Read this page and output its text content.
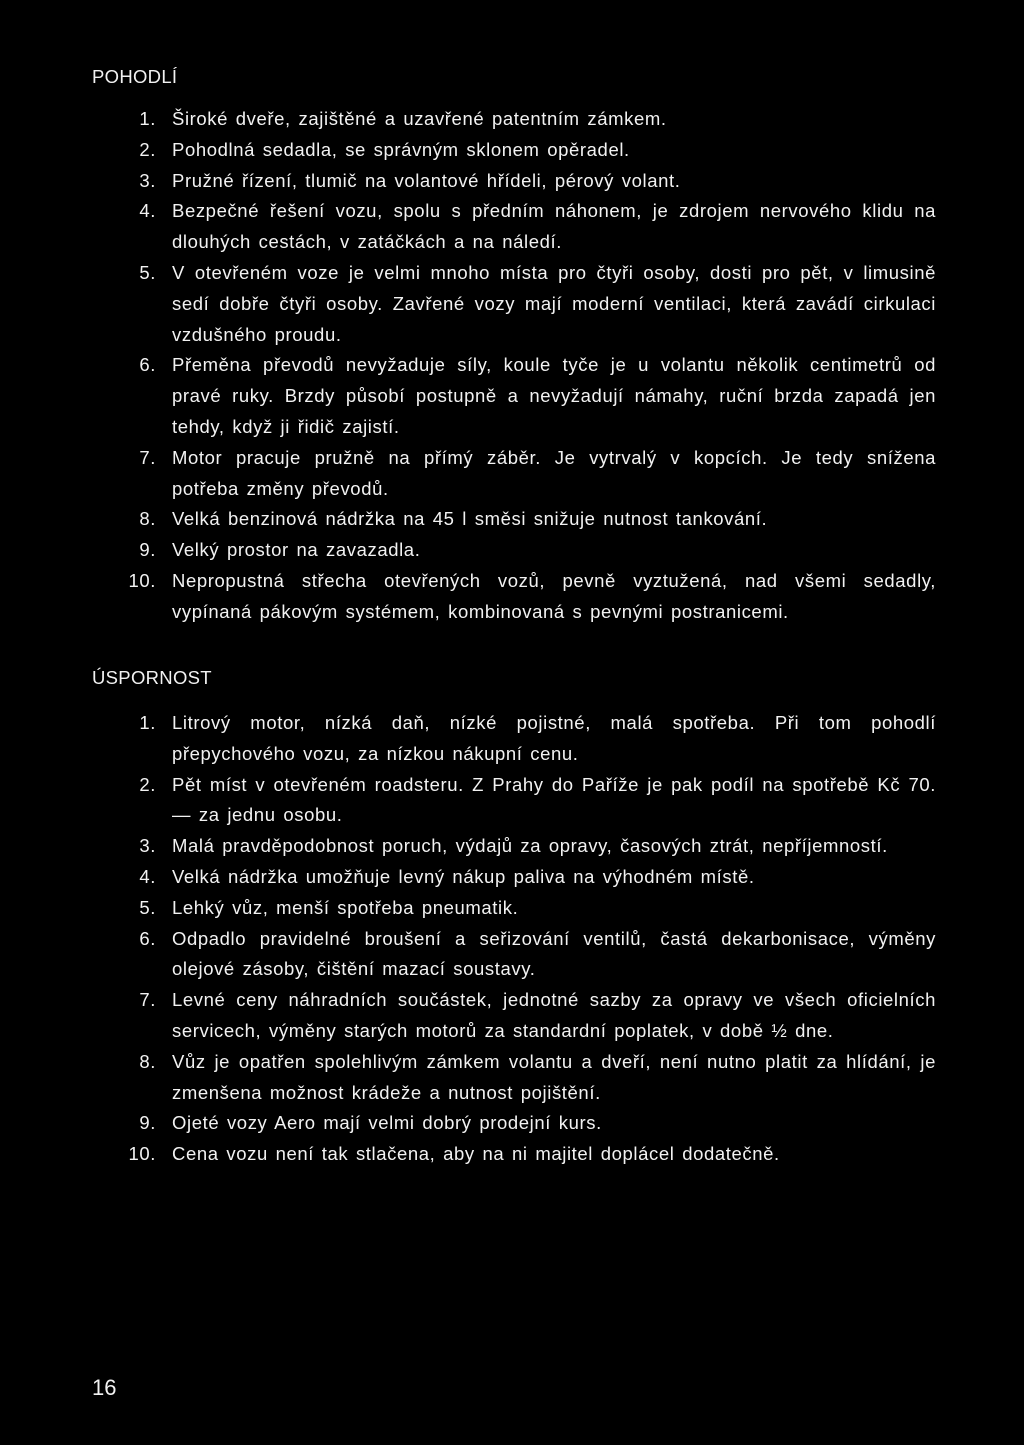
POHODLÍ
1. Široké dveře, zajištěné a uzavřené patentním zámkem.
2. Pohodlná sedadla, se správným sklonem opěradel.
3. Pružné řízení, tlumič na volantové hřídeli, pérový volant.
4. Bezpečné řešení vozu, spolu s předním náhonem, je zdrojem nervového klidu na dlouhých cestách, v zatáčkách a na náledí.
5. V otevřeném voze je velmi mnoho místa pro čtyři osoby, dosti pro pět, v limusině sedí dobře čtyři osoby. Zavřené vozy mají moderní ventilaci, která zavádí cirkulaci vzdušného proudu.
6. Přeměna převodů nevyžaduje síly, koule tyče je u volantu několik centimetrů od pravé ruky. Brzdy působí postupně a nevyžadují námahy, ruční brzda zapadá jen tehdy, když ji řidič zajistí.
7. Motor pracuje pružně na přímý záběr. Je vytrvalý v kopcích. Je tedy snížena potřeba změny převodů.
8. Velká benzinová nádržka na 45 l směsi snižuje nutnost tankování.
9. Velký prostor na zavazadla.
10. Nepropustná střecha otevřených vozů, pevně vyztužená, nad všemi sedadly, vypínaná pákovým systémem, kombinovaná s pevnými postranicemi.
ÚSPORNOST
1. Litrový motor, nízká daň, nízké pojistné, malá spotřeba. Při tom pohodlí přepychového vozu, za nízkou nákupní cenu.
2. Pět míst v otevřeném roadsteru. Z Prahy do Paříže je pak podíl na spotřebě Kč 70.— za jednu osobu.
3. Malá pravděpodobnost poruch, výdajů za opravy, časových ztrát, nepříjemností.
4. Velká nádržka umožňuje levný nákup paliva na výhodném místě.
5. Lehký vůz, menší spotřeba pneumatik.
6. Odpadlo pravidelné broušení a seřizování ventilů, častá dekarbonisace, výměny olejové zásoby, čištění mazací soustavy.
7. Levné ceny náhradních součástek, jednotné sazby za opravy ve všech oficielních servicech, výměny starých motorů za standardní poplatek, v době ½ dne.
8. Vůz je opatřen spolehlivým zámkem volantu a dveří, není nutno platit za hlídání, je zmenšena možnost krádeže a nutnost pojištění.
9. Ojeté vozy Aero mají velmi dobrý prodejní kurs.
10. Cena vozu není tak stlačena, aby na ni majitel doplácel dodatečně.
16
